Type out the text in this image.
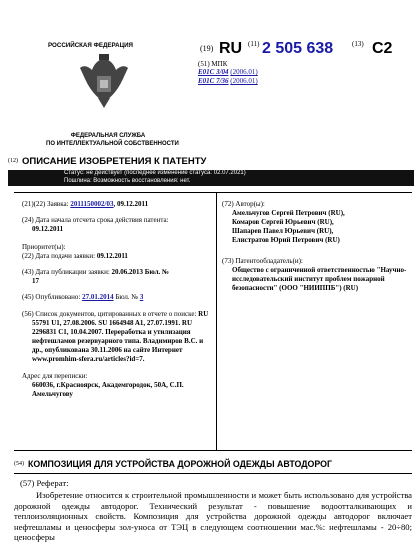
РОССИЙСКАЯ ФЕДЕРАЦИЯ
ФЕДЕРАЛЬНАЯ СЛУЖБА
ПО ИНТЕЛЛЕКТУАЛЬНОЙ СОБСТВЕННОСТИ
(19) RU (11) 2 505 638	(13) C2
(51) МПК
E01C 3/04 (2006.01)
E01C 7/36 (2006.01)
(12) ОПИСАНИЕ ИЗОБРЕТЕНИЯ К ПАТЕНТУ
Статус: не действует (последнее изменение статуса: 02.07.2021)
Пошлина: Возможность восстановления: нет.
(21)(22) Заявка: 2011150002/03, 09.12.2011
(24) Дата начала отсчета срока действия патента:
09.12.2011
Приоритет(ы):
(22) Дата подачи заявки: 09.12.2011
(43) Дата публикации заявки: 20.06.2013 Бюл. №
17
(45) Опубликовано: 27.01.2014 Бюл. № 3
(56) Список документов, цитированных в отчете о поиске: RU 55791 U1, 27.08.2006. SU 1664948 A1, 27.07.1991. RU 2296831 C1, 10.04.2007. Переработка и утилизация нефтешламов резервуарного типа. Владимиров В.С. и др., опубликована 30.11.2006 на сайте Интернет www.promhim-sfera.ru/articles?id=7.
Адрес для переписки:
660036, г.Красноярск, Академгородок, 50А, С.П. Амельчугову
(72) Автор(ы):
Амельчугов Сергей Петрович (RU),
Комаров Сергей Юрьевич (RU),
Шапарев Павел Юрьевич (RU),
Елистратов Юрий Петрович (RU)
(73) Патентообладатель(и):
Общество с ограниченной ответственностью "Научно-исследовательский институт проблем пожарной безопасности" (ООО "НИИППБ") (RU)
(54) КОМПОЗИЦИЯ ДЛЯ УСТРОЙСТВА ДОРОЖНОЙ ОДЕЖДЫ АВТОДОРОГ
(57) Реферат:
Изобретение относится к строительной промышленности и может быть использовано для устройства дорожной одежды автодорог. Технический результат - повышение водоотталкивающих и теплоизоляционных свойств. Композиция для устройства дорожной одежды автодорог включает нефтешламы и ценосферы зол-уноса от ТЭЦ в следующем соотношении мас.%: нефтешламы - 20÷80; ценосферы
